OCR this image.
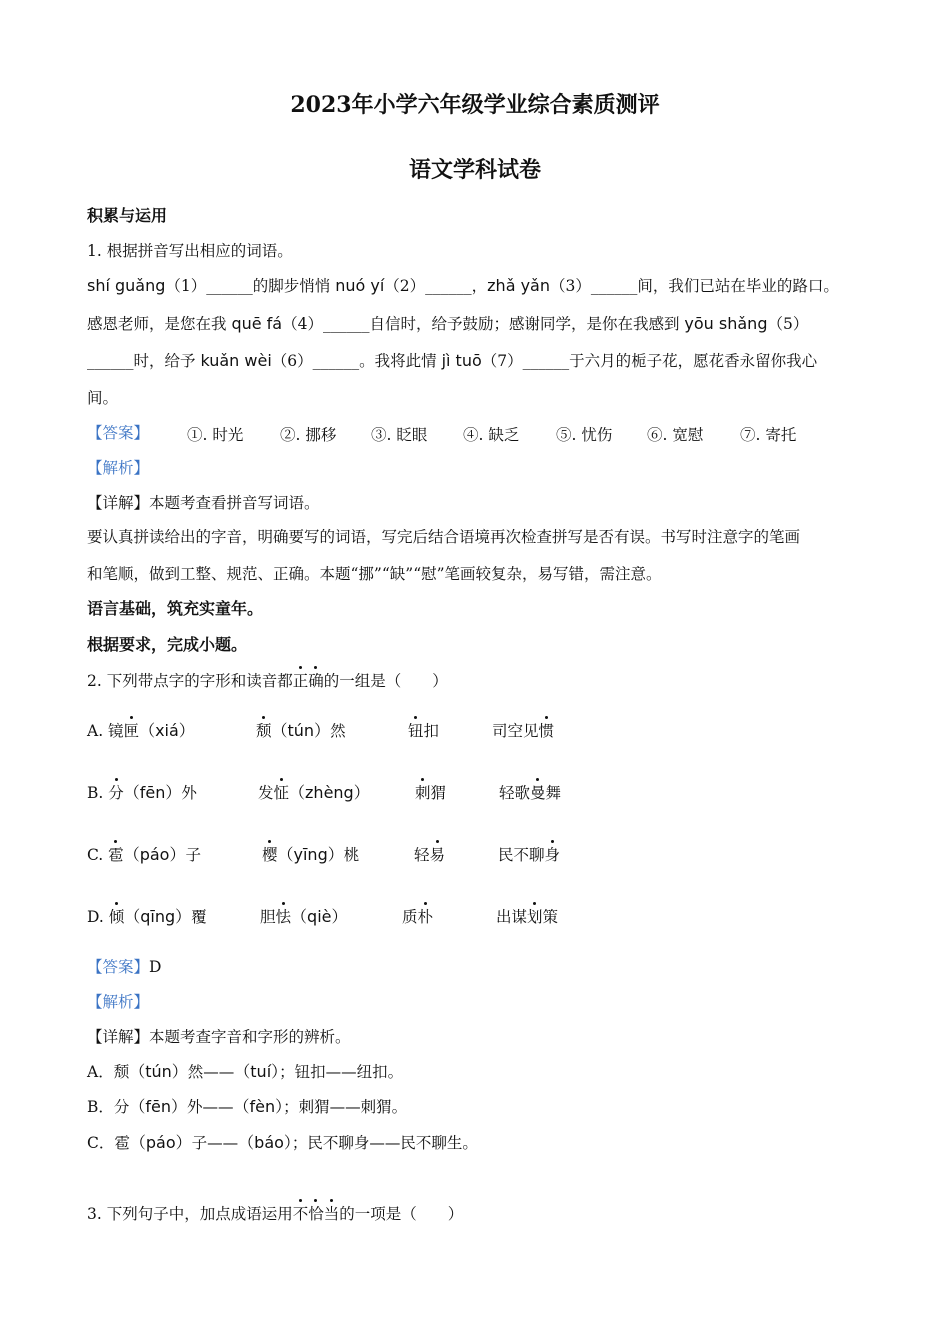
2023年小学六年级学业综合素质测评
语文学科试卷
积累与运用
1. 根据拼音写出相应的词语。
shí guǎng（1）______的脚步悄悄 nuó yí（2）______，zhǎ yǎn（3）______间，我们已站在毕业的路口。
感恩老师，是您在我 quē fá（4）______自信时，给予鼓励；感谢同学，是你在我感到 yōu shǎng（5）
______时，给予 kuǎn wèi（6）______。我将此情 jì tuō（7）______于六月的栀子花，愿花香永留你我心
间。
【答案】 ①. 时光 ②. 挪移 ③. 眨眼 ④. 缺乏 ⑤. 忧伤 ⑥. 宽慰 ⑦. 寄托
【解析】
【详解】本题考查看拼音写词语。
要认真拼读给出的字音，明确要写的词语，写完后结合语境再次检查拼写是否有误。书写时注意字的笔画
和笔顺，做到工整、规范、正确。本题“挪”“缺”“慰”笔画较复杂，易写错，需注意。
语言基础，筑充实童年。
根据要求，完成小题。
2. 下列带点字的字形和读音都正确的一组是（　　）
A. 镜匣（xiá）	颓（tún）然	钮扣	司空见惯
B. 分（fēn）外	发怔（zhèng）	刺猬	轻歌曼舞
C. 雹（páo）子	樱（yīng）桃	轻易	民不聊身
D. 倾（qīng）覆	胆怯（qiè）	质朴	出谋划策
【答案】D
【解析】
【详解】本题考查字音和字形的辨析。
A．颓（tún）然——（tuí）；钮扣——纽扣。
B．分（fēn）外——（fèn）；刺猬——刺猬。
C．雹（páo）子——（báo）；民不聊身——民不聊生。
3. 下列句子中，加点成语运用不恰当的一项是（　　）
